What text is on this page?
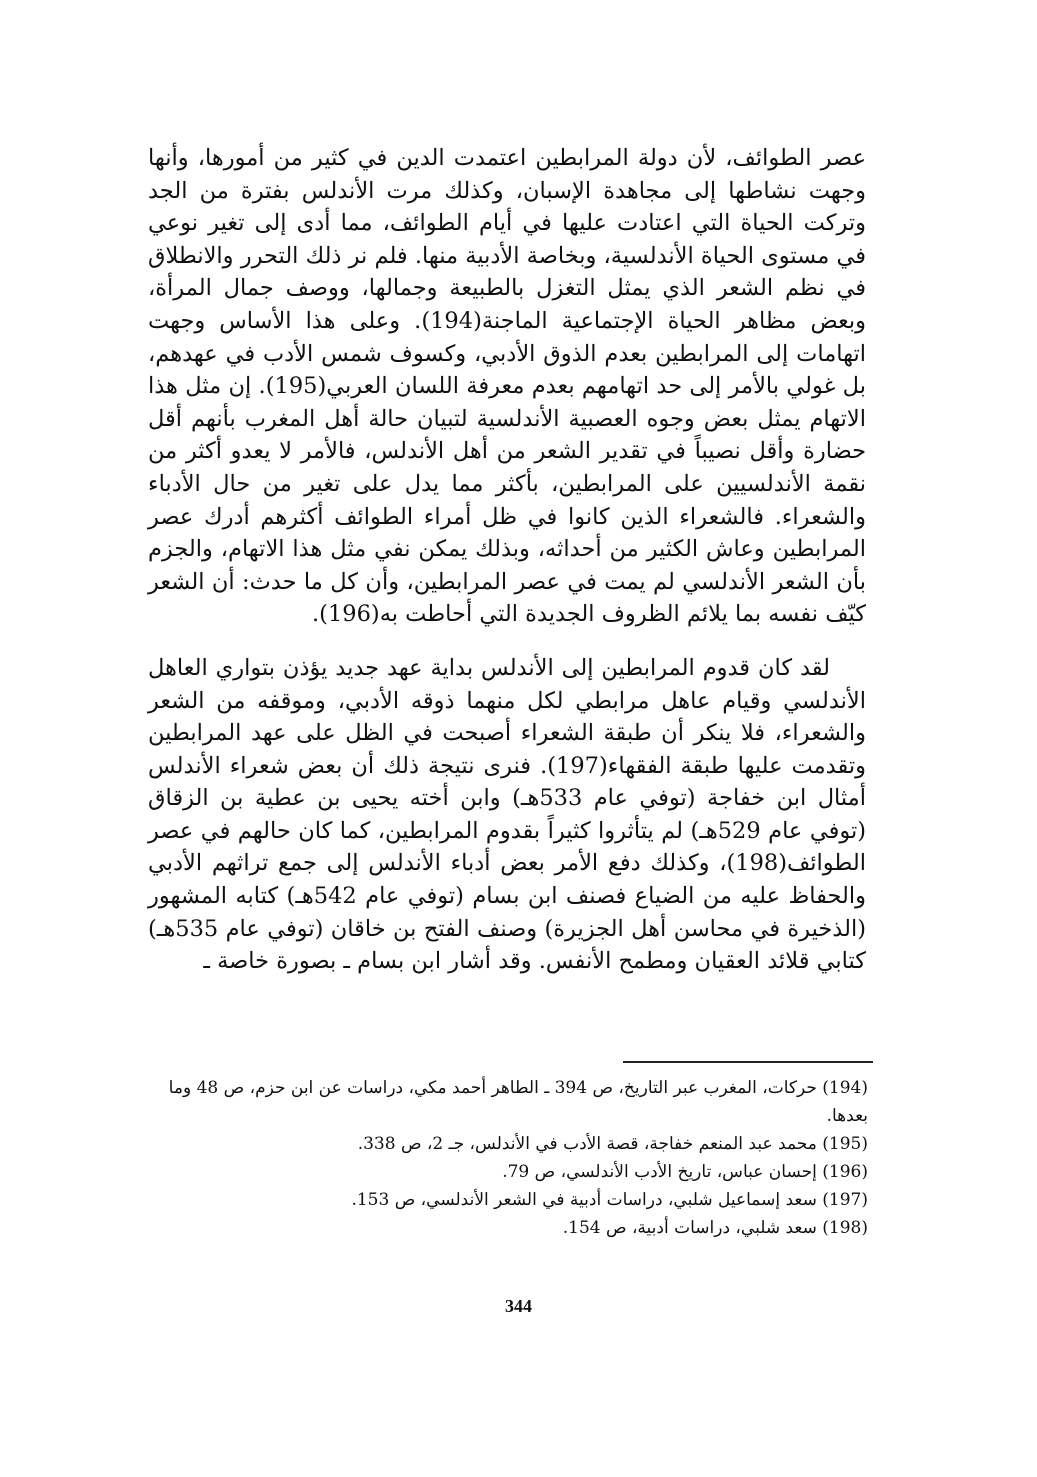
عصر الطوائف، لأن دولة المرابطين اعتمدت الدين في كثير من أمورها، وأنها وجهت نشاطها إلى مجاهدة الإسبان، وكذلك مرت الأندلس بفترة من الجد وتركت الحياة التي اعتادت عليها في أيام الطوائف، مما أدى إلى تغير نوعي في مستوى الحياة الأندلسية، وبخاصة الأدبية منها. فلم نر ذلك التحرر والانطلاق في نظم الشعر الذي يمثل التغزل بالطبيعة وجمالها، ووصف جمال المرأة، وبعض مظاهر الحياة الإجتماعية الماجنة(194). وعلى هذا الأساس وجهت اتهامات إلى المرابطين بعدم الذوق الأدبي، وكسوف شمس الأدب في عهدهم، بل غولي بالأمر إلى حد اتهامهم بعدم معرفة اللسان العربي(195). إن مثل هذا الاتهام يمثل بعض وجوه العصبية الأندلسية لتبيان حالة أهل المغرب بأنهم أقل حضارة وأقل نصيباً في تقدير الشعر من أهل الأندلس، فالأمر لا يعدو أكثر من نقمة الأندلسيين على المرابطين، بأكثر مما يدل على تغير من حال الأدباء والشعراء. فالشعراء الذين كانوا في ظل أمراء الطوائف أكثرهم أدرك عصر المرابطين وعاش الكثير من أحداثه، وبذلك يمكن نفي مثل هذا الاتهام، والجزم بأن الشعر الأندلسي لم يمت في عصر المرابطين، وأن كل ما حدث: أن الشعر كيّف نفسه بما يلائم الظروف الجديدة التي أحاطت به(196).

لقد كان قدوم المرابطين إلى الأندلس بداية عهد جديد يؤذن بتواري العاهل الأندلسي وقيام عاهل مرابطي لكل منهما ذوقه الأدبي، وموقفه من الشعر والشعراء، فلا ينكر أن طبقة الشعراء أصبحت في الظل على عهد المرابطين وتقدمت عليها طبقة الفقهاء(197). فنرى نتيجة ذلك أن بعض شعراء الأندلس أمثال ابن خفاجة (توفي عام 533هـ) وابن أخته يحيى بن عطية بن الزقاق (توفي عام 529هـ) لم يتأثروا كثيراً بقدوم المرابطين، كما كان حالهم في عصر الطوائف(198)، وكذلك دفع الأمر بعض أدباء الأندلس إلى جمع تراثهم الأدبي والحفاظ عليه من الضياع فصنف ابن بسام (توفي عام 542هـ) كتابه المشهور (الذخيرة في محاسن أهل الجزيرة) وصنف الفتح بن خاقان (توفي عام 535هـ) كتابي قلائد العقيان ومطمح الأنفس. وقد أشار ابن بسام ـ بصورة خاصة ـ

(194) حركات، المغرب عبر التاريخ، ص 394 ـ الطاهر أحمد مكي، دراسات عن ابن حزم، ص 48 وما بعدها.

(195) محمد عبد المنعم خفاجة، قصة الأدب في الأندلس، جـ 2، ص 338.

(196) إحسان عباس، تاريخ الأدب الأندلسي، ص 79.

(197) سعد إسماعيل شلبي، دراسات أدبية في الشعر الأندلسي، ص 153.

(198) سعد شلبي، دراسات أدبية، ص 154.

344
